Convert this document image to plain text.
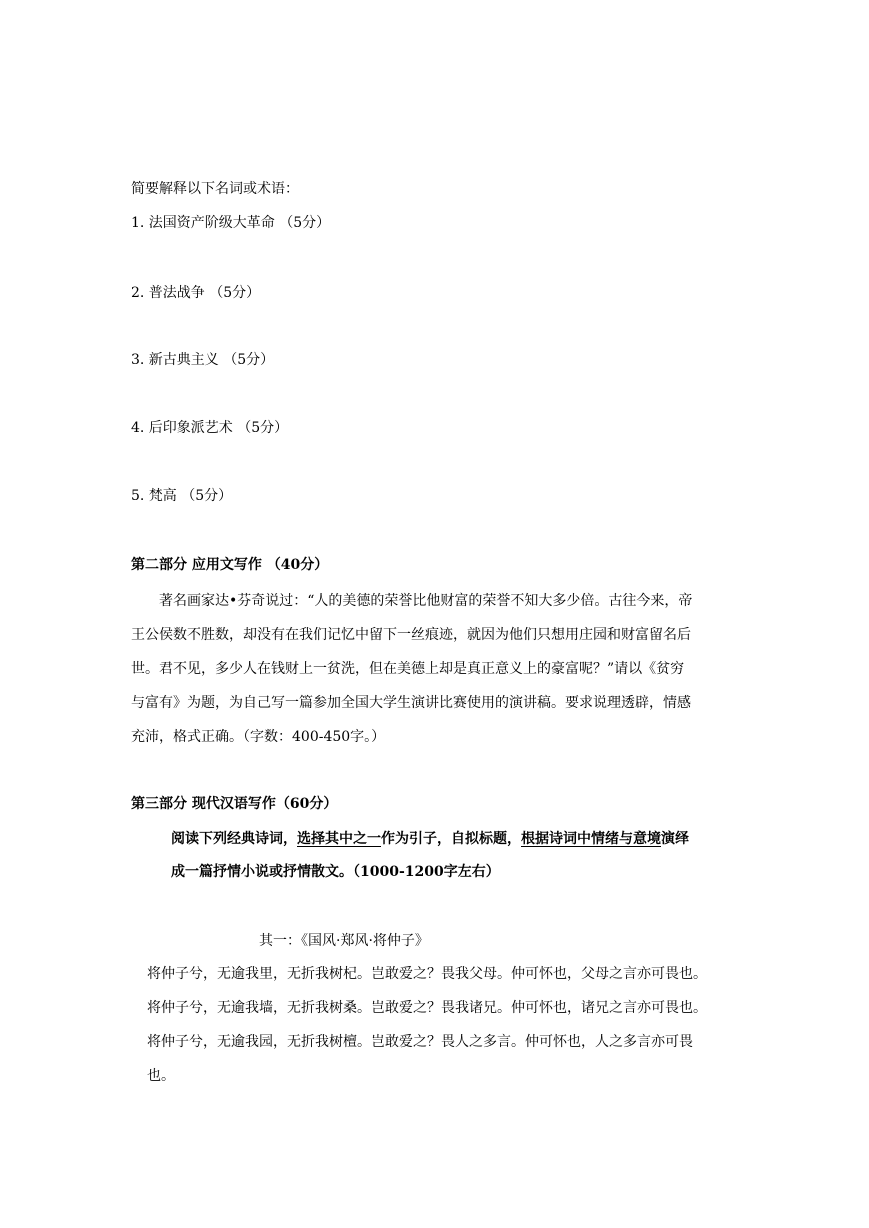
简要解释以下名词或术语：
1. 法国资产阶级大革命 （5分）
2. 普法战争 （5分）
3. 新古典主义 （5分）
4. 后印象派艺术 （5分）
5. 梵高 （5分）
第二部分 应用文写作 （40分）
著名画家达•芬奇说过：“人的美德的荣誉比他财富的荣誉不知大多少倍。古往今来，帝
王公侯数不胜数，却没有在我们记忆中留下一丝痕迹，就因为他们只想用庄园和财富留名后
世。君不见，多少人在钱财上一贫洗，但在美德上却是真正意义上的豪富呢？”请以《贫穷
与富有》为题，为自己写一篇参加全国大学生演讲比赛使用的演讲稿。要求说理透辟，情感
充沛，格式正确。（字数：400-450字。）
第三部分 现代汉语写作（60分）
阅读下列经典诗词，选择其中之一作为引子，自拟标题，根据诗词中情绪与意境演绎
成一篇抒情小说或抒情散文。（1000-1200字左右）
其一：《国风·郑风·将仲子》
将仲子兮，无逾我里，无折我树杞。岂敢爱之？畏我父母。仲可怀也，父母之言亦可畏也。
将仲子兮，无逾我墙，无折我树桑。岂敢爱之？畏我诸兄。仲可怀也，诸兄之言亦可畏也。
将仲子兮，无逾我园，无折我树檀。岂敢爱之？畏人之多言。仲可怀也，人之多言亦可畏
也。
